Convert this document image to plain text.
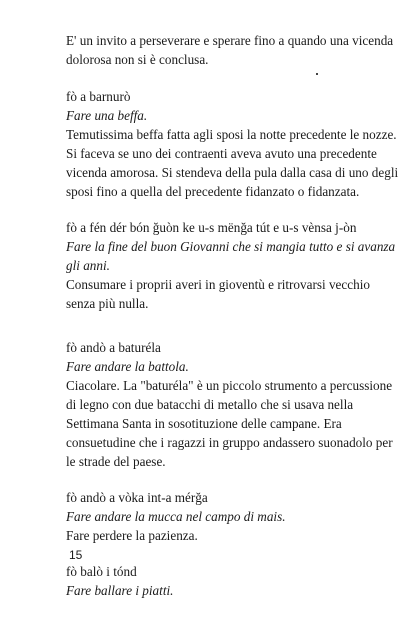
E' un invito a perseverare e sperare fino a quando una vicenda dolorosa non si è conclusa.

fò a barnurò

Fare una beffa.

Temutissima beffa fatta agli sposi la notte precedente le nozze. Si faceva se uno dei contraenti aveva avuto una precedente vicenda amorosa. Si stendeva della pula dalla casa di uno degli sposi fino a quella del precedente fidanzato o fidanzata.

fò a fén dér bón ğuòn ke u-s mënğa tút e u-s vènsa j-òn

Fare la fine del buon Giovanni che si mangia tutto e si avanza gli anni.

Consumare i proprii averi in gioventù e ritrovarsi vecchio senza più nulla.

fò andò a baturéla

Fare andare la battola.

Ciacolare. La "baturéla" è un piccolo strumento a percussione di legno con due batacchi di metallo che si usava nella Settimana Santa in sosotituzione delle campane. Era consuetudine che i ragazzi in gruppo andassero suonadolo per le strade del paese.

fò andò a vòka int-a mérğa

Fare andare la mucca nel campo di mais.

Fare perdere la pazienza.

fò balò i tónd

Fare ballare i piatti.

15
